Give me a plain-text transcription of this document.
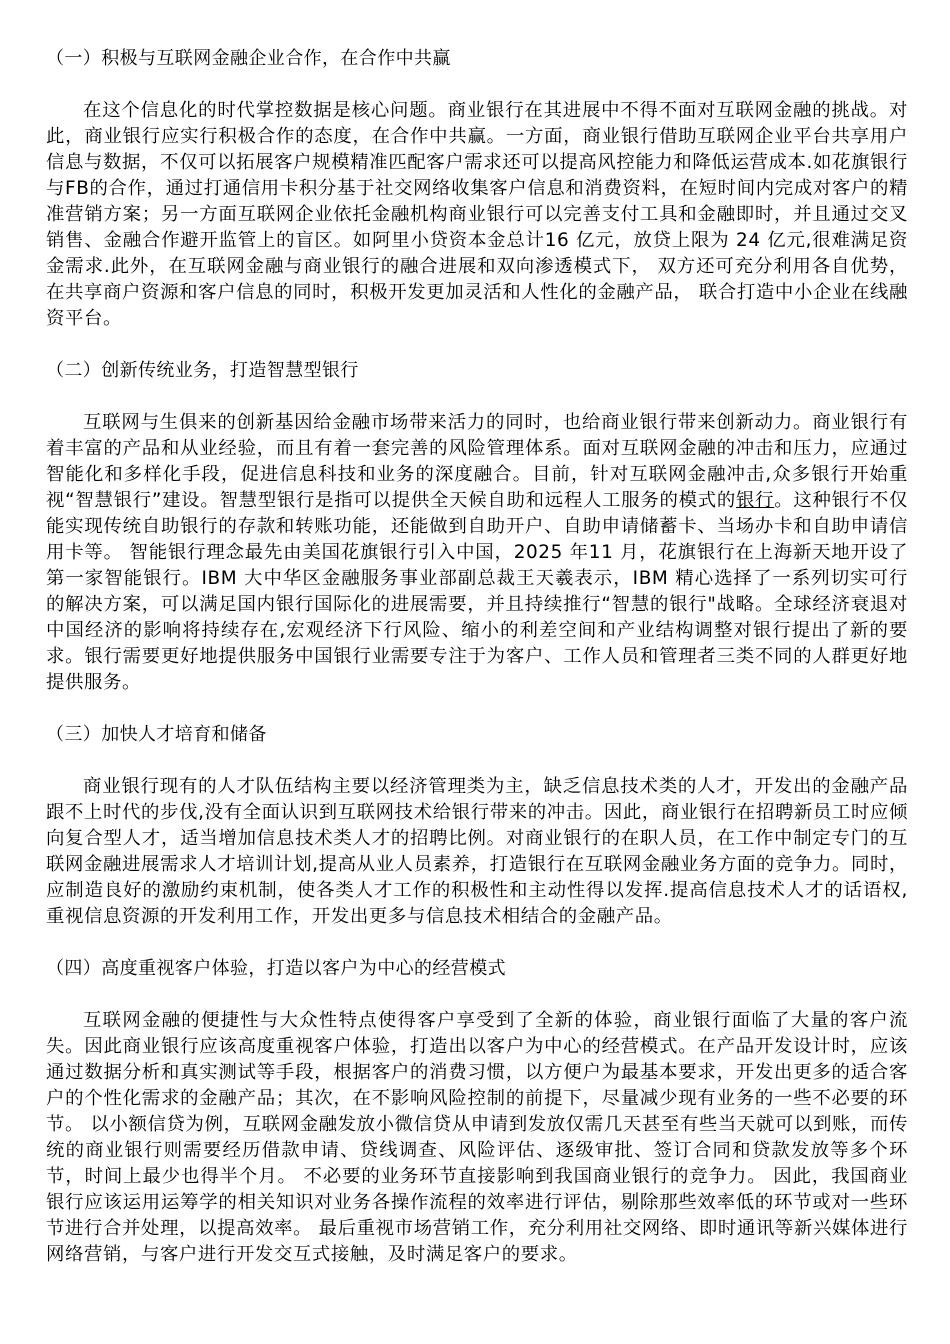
（一）积极与互联网金融企业合作，在合作中共赢

在这个信息化的时代掌控数据是核心问题。商业银行在其进展中不得不面对互联网金融的挑战。对此，商业银行应实行积极合作的态度，在合作中共赢。一方面，商业银行借助互联网企业平台共享用户信息与数据，不仅可以拓展客户规模精准匹配客户需求还可以提高风控能力和降低运营成本.如花旗银行与FB的合作，通过打通信用卡积分基于社交网络收集客户信息和消费资料，在短时间内完成对客户的精准营销方案；另一方面互联网企业依托金融机构商业银行可以完善支付工具和金融即时，并且通过交叉销售、金融合作避开监管上的盲区。如阿里小贷资本金总计16 亿元，放贷上限为 24 亿元,很难满足资金需求.此外，在互联网金融与商业银行的融合进展和双向渗透模式下， 双方还可充分利用各自优势，在共享商户资源和客户信息的同时，积极开发更加灵活和人性化的金融产品， 联合打造中小企业在线融资平台。

（二）创新传统业务，打造智慧型银行

互联网与生俱来的创新基因给金融市场带来活力的同时，也给商业银行带来创新动力。商业银行有着丰富的产品和从业经验，而且有着一套完善的风险管理体系。面对互联网金融的冲击和压力，应通过智能化和多样化手段，促进信息科技和业务的深度融合。目前，针对互联网金融冲击,众多银行开始重视“智慧银行”建设。智慧型银行是指可以提供全天候自助和远程人工服务的模式的银行。这种银行不仅能实现传统自助银行的存款和转账功能，还能做到自助开户、自助申请储蓄卡、当场办卡和自助申请信用卡等。 智能银行理念最先由美国花旗银行引入中国，2025 年11 月，花旗银行在上海新天地开设了第一家智能银行。IBM 大中华区金融服务事业部副总裁王天羲表示，IBM 精心选择了一系列切实可行的解决方案，可以满足国内银行国际化的进展需要，并且持续推行“智慧的银行"战略。全球经济衰退对中国经济的影响将持续存在,宏观经济下行风险、缩小的利差空间和产业结构调整对银行提出了新的要求。银行需要更好地提供服务中国银行业需要专注于为客户、工作人员和管理者三类不同的人群更好地提供服务。

（三）加快人才培育和储备

商业银行现有的人才队伍结构主要以经济管理类为主，缺乏信息技术类的人才，开发出的金融产品跟不上时代的步伐,没有全面认识到互联网技术给银行带来的冲击。因此，商业银行在招聘新员工时应倾向复合型人才，适当增加信息技术类人才的招聘比例。对商业银行的在职人员，在工作中制定专门的互联网金融进展需求人才培训计划,提高从业人员素养，打造银行在互联网金融业务方面的竞争力。同时，应制造良好的激励约束机制，使各类人才工作的积极性和主动性得以发挥.提高信息技术人才的话语权,重视信息资源的开发利用工作，开发出更多与信息技术相结合的金融产品。

（四）高度重视客户体验，打造以客户为中心的经营模式

互联网金融的便捷性与大众性特点使得客户享受到了全新的体验，商业银行面临了大量的客户流失。因此商业银行应该高度重视客户体验，打造出以客户为中心的经营模式。在产品开发设计时，应该通过数据分析和真实测试等手段，根据客户的消费习惯，以方便户为最基本要求，开发出更多的适合客户的个性化需求的金融产品；其次，在不影响风险控制的前提下，尽量减少现有业务的一些不必要的环节。 以小额信贷为例，互联网金融发放小微信贷从申请到发放仅需几天甚至有些当天就可以到账，而传统的商业银行则需要经历借款申请、贷线调查、风险评估、逐级审批、签订合同和贷款发放等多个环节，时间上最少也得半个月。 不必要的业务环节直接影响到我国商业银行的竞争力。 因此，我国商业银行应该运用运筹学的相关知识对业务各操作流程的效率进行评估，剔除那些效率低的环节或对一些环节进行合并处理，以提高效率。 最后重视市场营销工作，充分利用社交网络、即时通讯等新兴媒体进行网络营销，与客户进行开发交互式接触，及时满足客户的要求。
